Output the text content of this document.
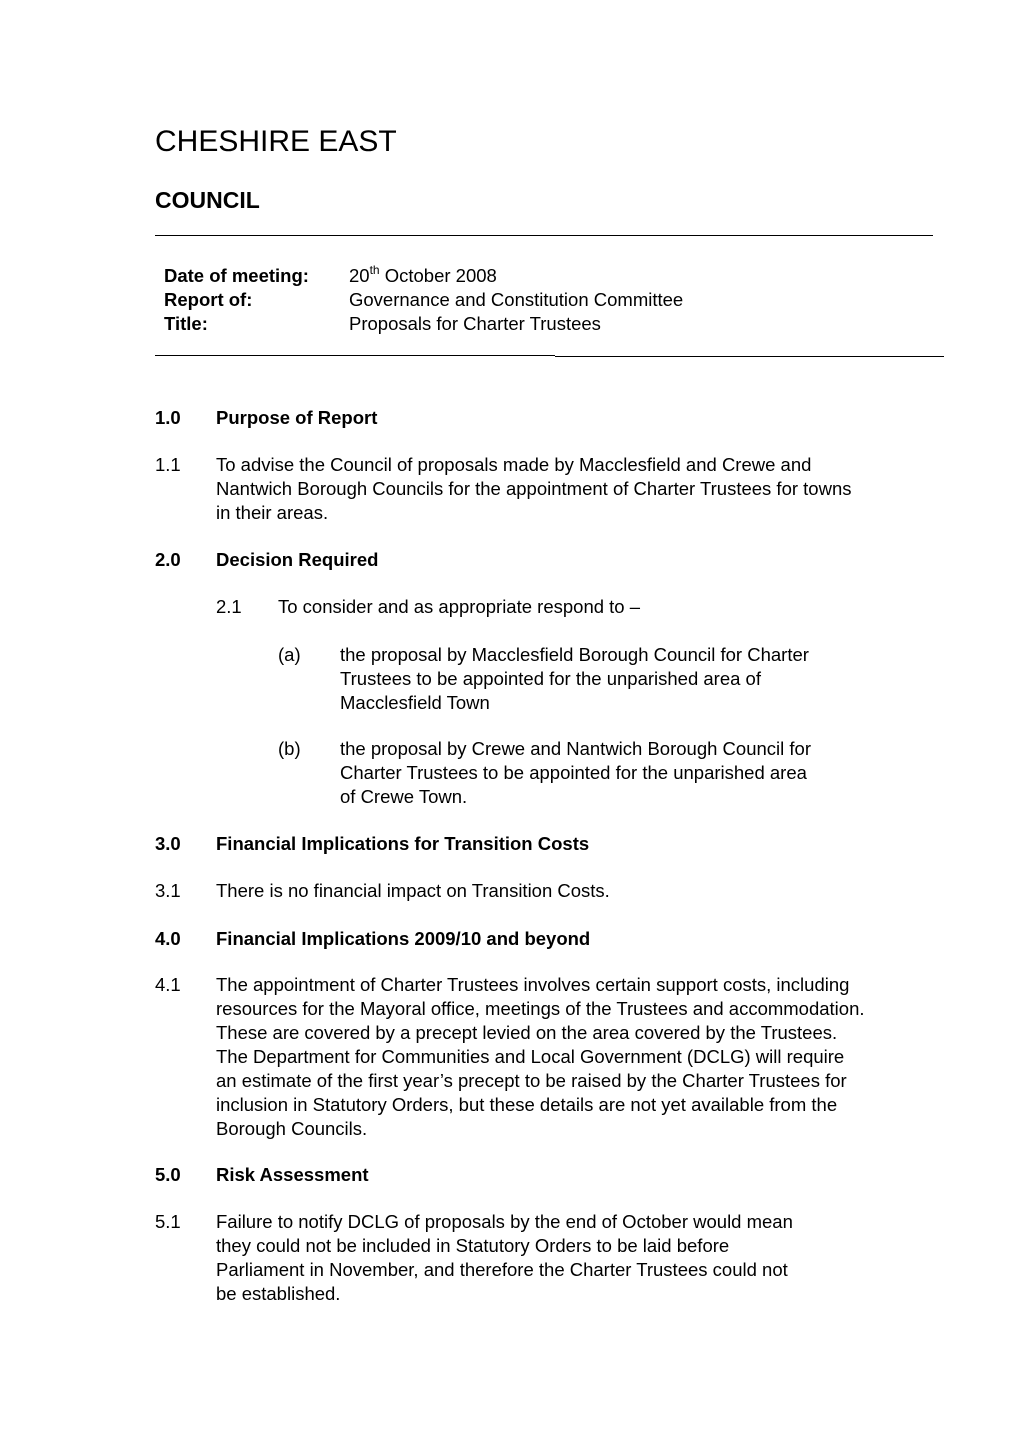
CHESHIRE EAST
COUNCIL
Date of meeting: 20th October 2008
Report of:	Governance and Constitution Committee
Title:	Proposals for Charter Trustees
1.0 Purpose of Report
1.1 To advise the Council of proposals made by Macclesfield and Crewe and
Nantwich Borough Councils for the appointment of Charter Trustees for towns
in their areas.
2.0 Decision Required
2.1 To consider and as appropriate respond to –
(a) the proposal by Macclesfield Borough Council for Charter
Trustees to be appointed for the unparished area of
Macclesfield Town
(b) the proposal by Crewe and Nantwich Borough Council for
Charter Trustees to be appointed for the unparished area
of Crewe Town.
3.0 Financial Implications for Transition Costs
3.1 There is no financial impact on Transition Costs.
4.0 Financial Implications 2009/10 and beyond
4.1 The appointment of Charter Trustees involves certain support costs, including
resources for the Mayoral office, meetings of the Trustees and accommodation.
These are covered by a precept levied on the area covered by the Trustees.
The Department for Communities and Local Government (DCLG) will require
an estimate of the first year’s precept to be raised by the Charter Trustees for
inclusion in Statutory Orders, but these details are not yet available from the
Borough Councils.
5.0 Risk Assessment
5.1 Failure to notify DCLG of proposals by the end of October would mean
they could not be included in Statutory Orders to be laid before
Parliament in November, and therefore the Charter Trustees could not
be established.
